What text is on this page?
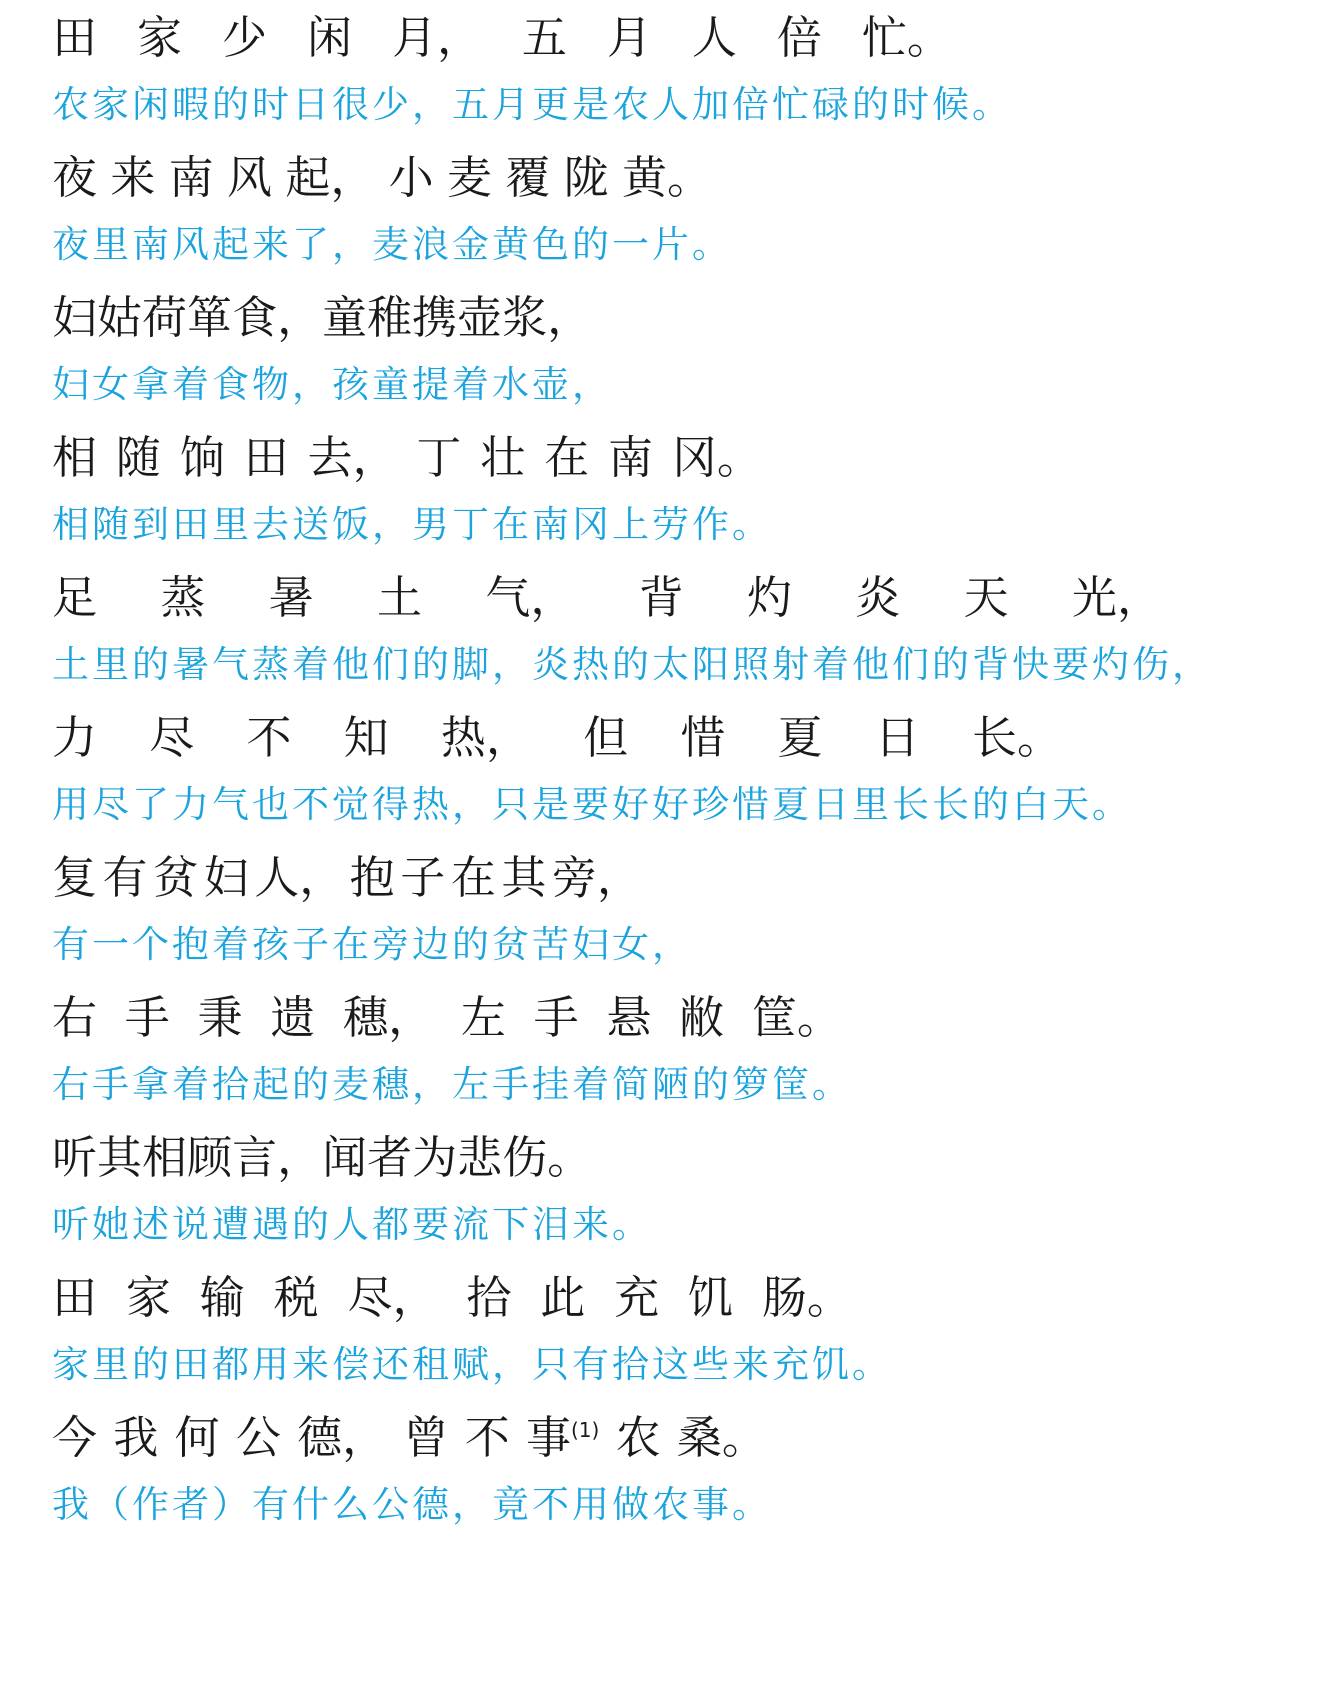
田 家 少 闲 月， 五 月 人 倍 忙。
农家闲暇的时日很少，五月更是农人加倍忙碌的时候。
夜 来 南 风 起， 小 麦 覆 陇 黄。
夜里南风起来了，麦浪金黄色的一片。
妇 姑 荷 箪 食， 童 稚 携 壶 浆，
妇女拿着食物，孩童提着水壶，
相 随 饷 田 去， 丁 壮 在 南 冈。
相随到田里去送饭，男丁在南冈上劳作。
足 蒸 暑 土 气， 背 灼 炎 天 光，
土里的暑气蒸着他们的脚，炎热的太阳照射着他们的背快要灼伤，
力 尽 不 知 热， 但 惜 夏 日 长。
用尽了力气也不觉得热，只是要好好珍惜夏日里长长的白天。
复 有 贫 妇 人， 抱 子 在 其 旁，
有一个抱着孩子在旁边的贫苦妇女，
右 手 秉 遗 穗， 左 手 悬 敝 筐。
右手拿着拾起的麦穗，左手挂着简陋的箩筐。
听 其 相 顾 言， 闻 者 为 悲 伤。
听她述说遭遇的人都要流下泪来。
田 家 输 税 尽， 拾 此 充 饥 肠。
家里的田都用来偿还租赋，只有拾这些来充饥。
今 我 何 公 德， 曾 不 事$^{(1)}$ 农 桑。
我（作者）有什么公德，竟不用做农事。
